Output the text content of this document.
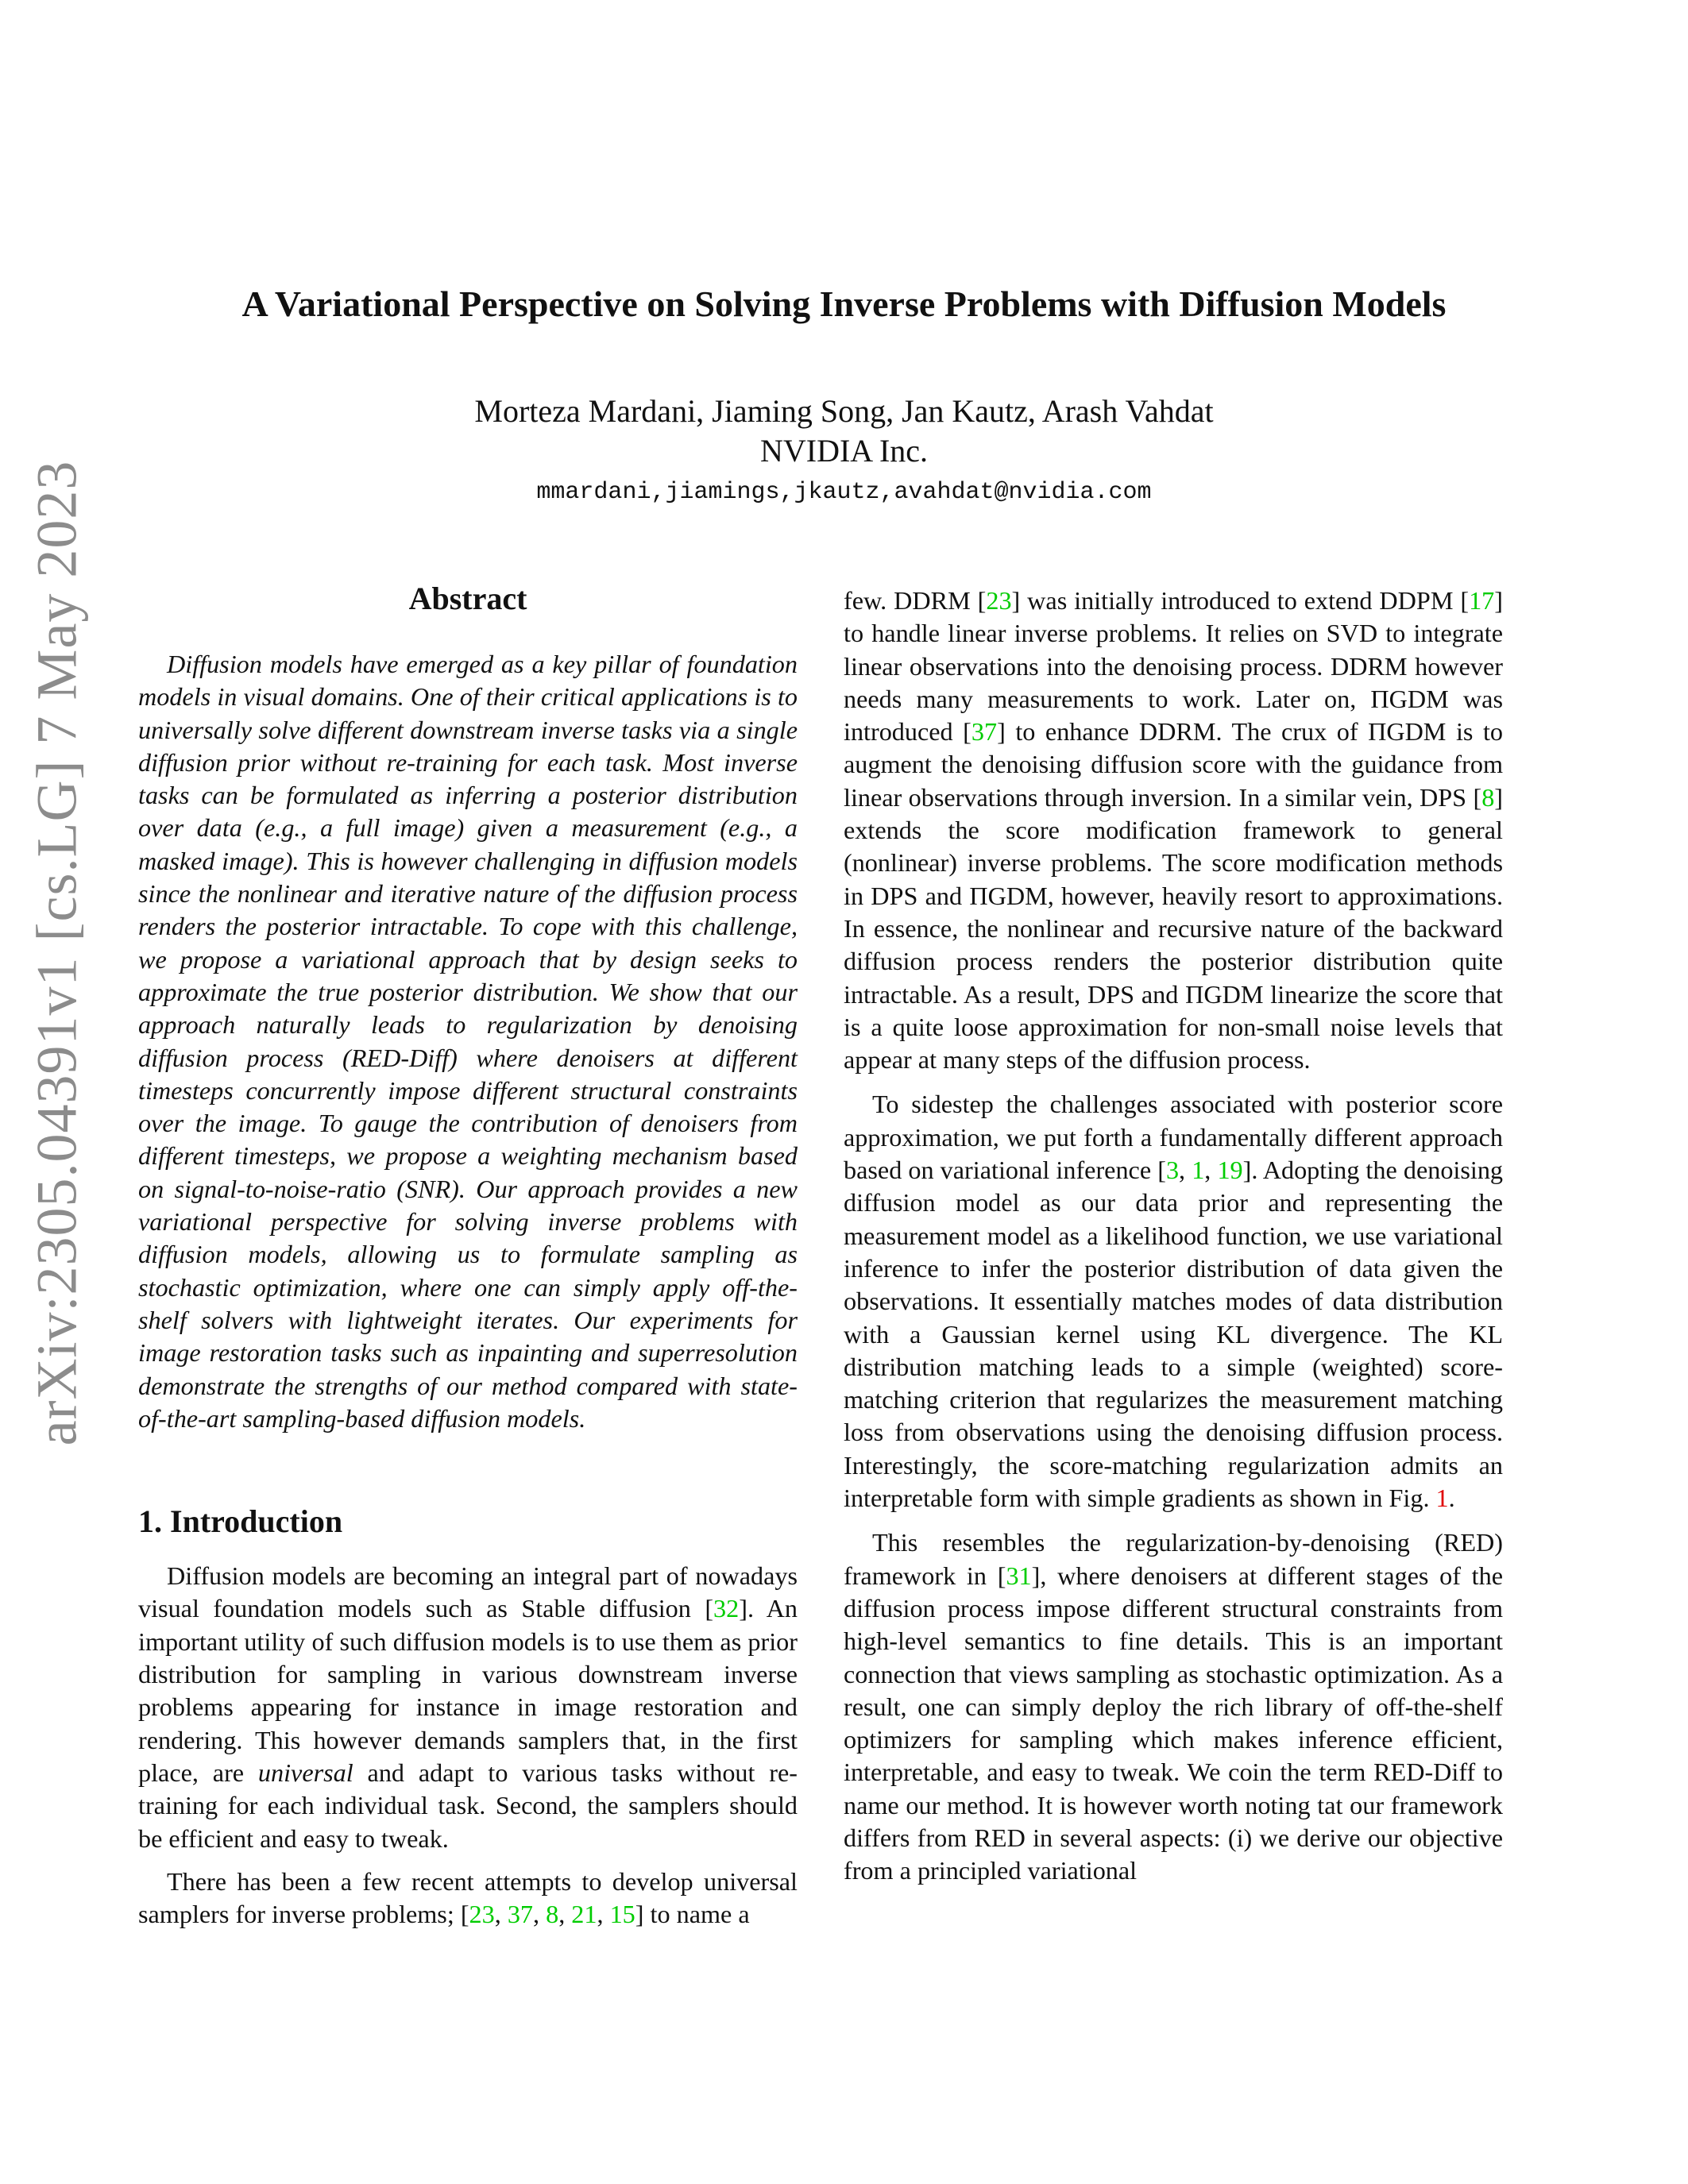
arXiv:2305.04391v1 [cs.LG] 7 May 2023
A Variational Perspective on Solving Inverse Problems with Diffusion Models
Morteza Mardani, Jiaming Song, Jan Kautz, Arash Vahdat
NVIDIA Inc.
mmardani,jiamings,jkautz,avahdat@nvidia.com
Abstract

Diffusion models have emerged as a key pillar of foundation models in visual domains. One of their critical applications is to universally solve different downstream inverse tasks via a single diffusion prior without re-training for each task. Most inverse tasks can be formulated as inferring a posterior distribution over data (e.g., a full image) given a measurement (e.g., a masked image). This is however challenging in diffusion models since the nonlinear and iterative nature of the diffusion process renders the posterior intractable. To cope with this challenge, we propose a variational approach that by design seeks to approximate the true posterior distribution. We show that our approach naturally leads to regularization by denoising diffusion process (RED-Diff) where denoisers at different timesteps concurrently impose different structural constraints over the image. To gauge the contribution of denoisers from different timesteps, we propose a weighting mechanism based on signal-to-noise-ratio (SNR). Our approach provides a new variational perspective for solving inverse problems with diffusion models, allowing us to formulate sampling as stochastic optimization, where one can simply apply off-the-shelf solvers with lightweight iterates. Our experiments for image restoration tasks such as inpainting and superresolution demonstrate the strengths of our method compared with state-of-the-art sampling-based diffusion models.

1. Introduction

Diffusion models are becoming an integral part of nowadays visual foundation models such as Stable diffusion [32]. An important utility of such diffusion models is to use them as prior distribution for sampling in various downstream inverse problems appearing for instance in image restoration and rendering. This however demands samplers that, in the first place, are universal and adapt to various tasks without re-training for each individual task. Second, the samplers should be efficient and easy to tweak.

There has been a few recent attempts to develop universal samplers for inverse problems; [23, 37, 8, 21, 15] to name a

few. DDRM [23] was initially introduced to extend DDPM [17] to handle linear inverse problems. It relies on SVD to integrate linear observations into the denoising process. DDRM however needs many measurements to work. Later on, ΠGDM was introduced [37] to enhance DDRM. The crux of ΠGDM is to augment the denoising diffusion score with the guidance from linear observations through inversion. In a similar vein, DPS [8] extends the score modification framework to general (nonlinear) inverse problems. The score modification methods in DPS and ΠGDM, however, heavily resort to approximations. In essence, the nonlinear and recursive nature of the backward diffusion process renders the posterior distribution quite intractable. As a result, DPS and ΠGDM linearize the score that is a quite loose approximation for non-small noise levels that appear at many steps of the diffusion process.

To sidestep the challenges associated with posterior score approximation, we put forth a fundamentally different approach based on variational inference [3, 1, 19]. Adopting the denoising diffusion model as our data prior and representing the measurement model as a likelihood function, we use variational inference to infer the posterior distribution of data given the observations. It essentially matches modes of data distribution with a Gaussian kernel using KL divergence. The KL distribution matching leads to a simple (weighted) score-matching criterion that regularizes the measurement matching loss from observations using the denoising diffusion process. Interestingly, the score-matching regularization admits an interpretable form with simple gradients as shown in Fig. 1.

This resembles the regularization-by-denoising (RED) framework in [31], where denoisers at different stages of the diffusion process impose different structural constraints from high-level semantics to fine details. This is an important connection that views sampling as stochastic optimization. As a result, one can simply deploy the rich library of off-the-shelf optimizers for sampling which makes inference efficient, interpretable, and easy to tweak. We coin the term RED-Diff to name our method. It is however worth noting tat our framework differs from RED in several aspects: (i) we derive our objective from a principled variational
